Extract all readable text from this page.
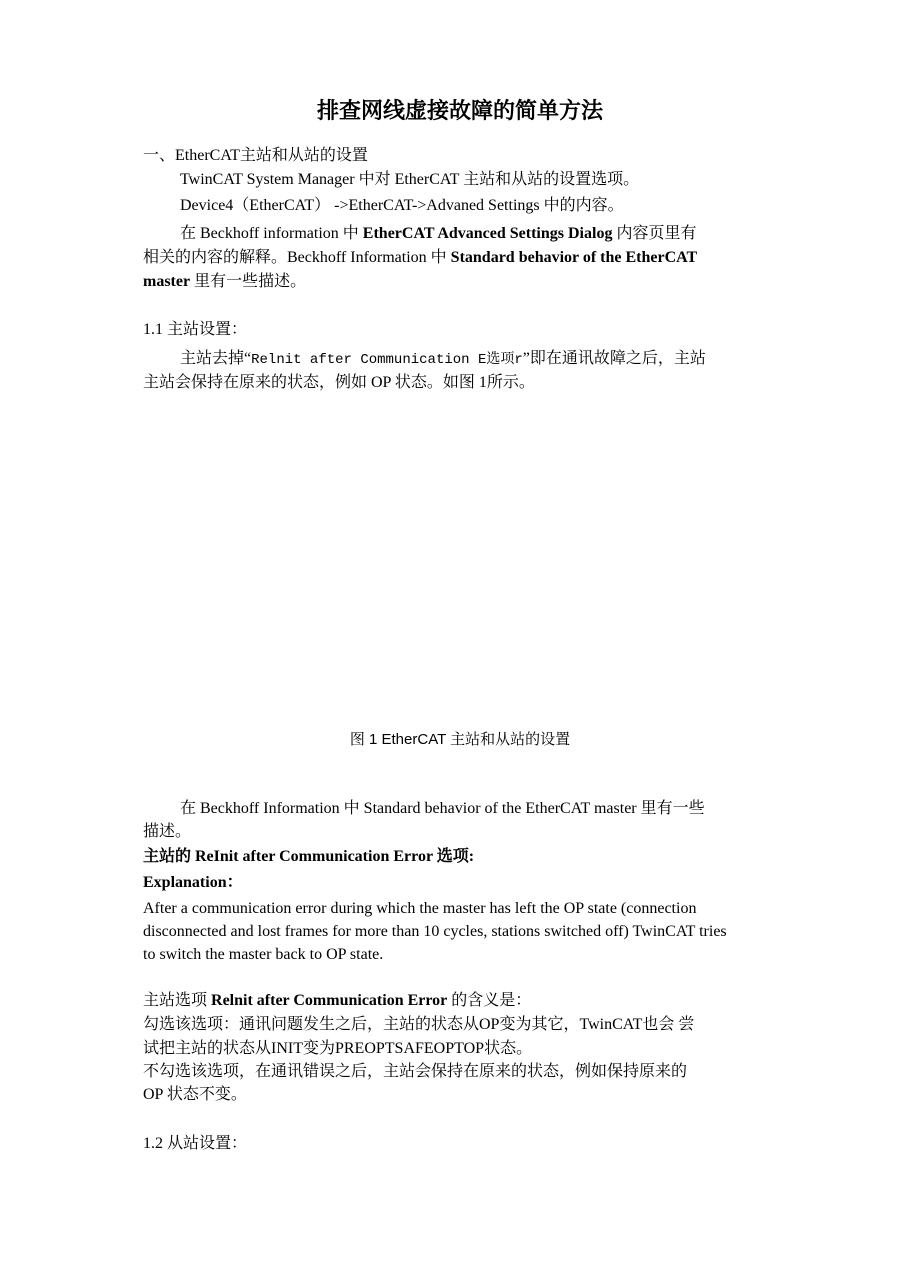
排查网线虚接故障的简单方法
一、EtherCAT主站和从站的设置
TwinCAT System Manager 中对 EtherCAT 主站和从站的设置选项。
Device4（EtherCAT） ->EtherCAT->Advaned Settings 中的内容。
在 Beckhoff information 中 EtherCAT Advanced Settings Dialog 内容页里有
相关的内容的解释。Beckhoff Information 中 Standard behavior of the EtherCAT
master 里有一些描述。
1.1 主站设置：
主站去掉“Relnit after Communication E选项r”即在通讯故障之后，主站
主站会保持在原来的状态，例如 OP 状态。如图 1所示。
图 1 EtherCAT 主站和从站的设置
在 Beckhoff Information 中 Standard behavior of the EtherCAT master 里有一些
描述。
主站的 ReInit after Communication Error 选项:
Explanation：
After a communication error during which the master has left the OP state (connection
disconnected and lost frames for more than 10 cycles, stations switched off) TwinCAT tries
to switch the master back to OP state.
主站选项 Relnit after Communication Error 的含义是：
勾选该选项：通讯问题发生之后，主站的状态从OP变为其它，TwinCAT也会 尝
试把主站的状态从INIT变为PREOPTSAFEOPTOP状态。
不勾选该选项，在通讯错误之后，主站会保持在原来的状态，例如保持原来的
OP 状态不变。
1.2 从站设置：
